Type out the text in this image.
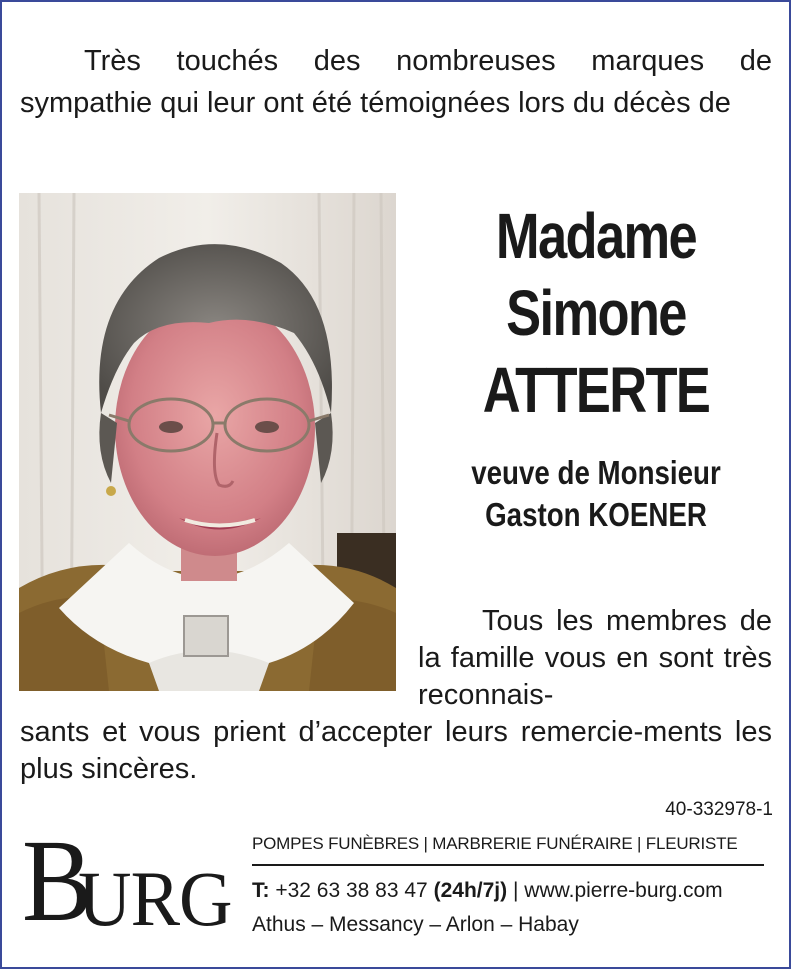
Très touchés des nombreuses marques de sympathie qui leur ont été témoignées lors du décès de

Madame
Simone
ATTERTE
veuve de Monsieur
Gaston KOENER

Tous les membres de la famille vous en sont très reconnais-

sants et vous prient d’accepter leurs remercie-ments les plus sincères.

40-332978-1
B
URG
POMPES FUNÈBRES | MARBRERIE FUNÉRAIRE | FLEURISTE
T: +32 63 38 83 47 (24h/7j) | www.pierre-burg.com
Athus – Messancy – Arlon – Habay
